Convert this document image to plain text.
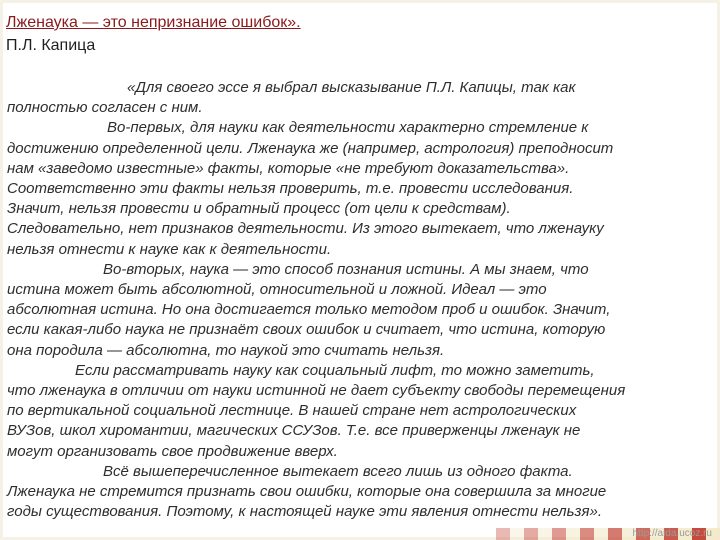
Лженаука — это непризнание ошибок».
П.Л. Капица
«Для своего эссе я выбрал высказывание П.Л. Капицы, так как
полностью согласен с ним.
Во-первых, для науки как деятельности характерно стремление к
достижению определенной цели. Лженаука же (например, астрология) преподносит
нам «заведомо известные» факты, которые «не требуют доказательства».
Соответственно эти факты нельзя проверить, т.е. провести исследования.
Значит, нельзя провести и обратный процесс (от цели к средствам).
Следовательно, нет признаков деятельности. Из этого вытекает, что лженауку
нельзя отнести к науке как к деятельности.
Во-вторых, наука — это способ познания истины. А мы знаем, что
истина может быть абсолютной, относительной и ложной. Идеал — это
абсолютная истина. Но она достигается только методом проб и ошибок. Значит,
если какая-либо наука не признаёт своих ошибок и считает, что истина, которую
она породила — абсолютна, то наукой это считать нельзя.
Если рассматривать науку как социальный лифт, то можно заметить,
что лженаука в отличии от науки истинной не дает субъекту свободы перемещения
по вертикальной социальной лестнице. В нашей стране нет астрологических
ВУЗов, школ хиромантии, магических ССУЗов. Т.е. все приверженцы лженаук не
могут организовать свое продвижение вверх.
Всё вышеперечисленное вытекает всего лишь из одного факта.
Лженаука не стремится признать свои ошибки, которые она совершила за многие
годы существования. Поэтому, к настоящей науке эти явления отнести нельзя».
http://aida.ucoz.ru
